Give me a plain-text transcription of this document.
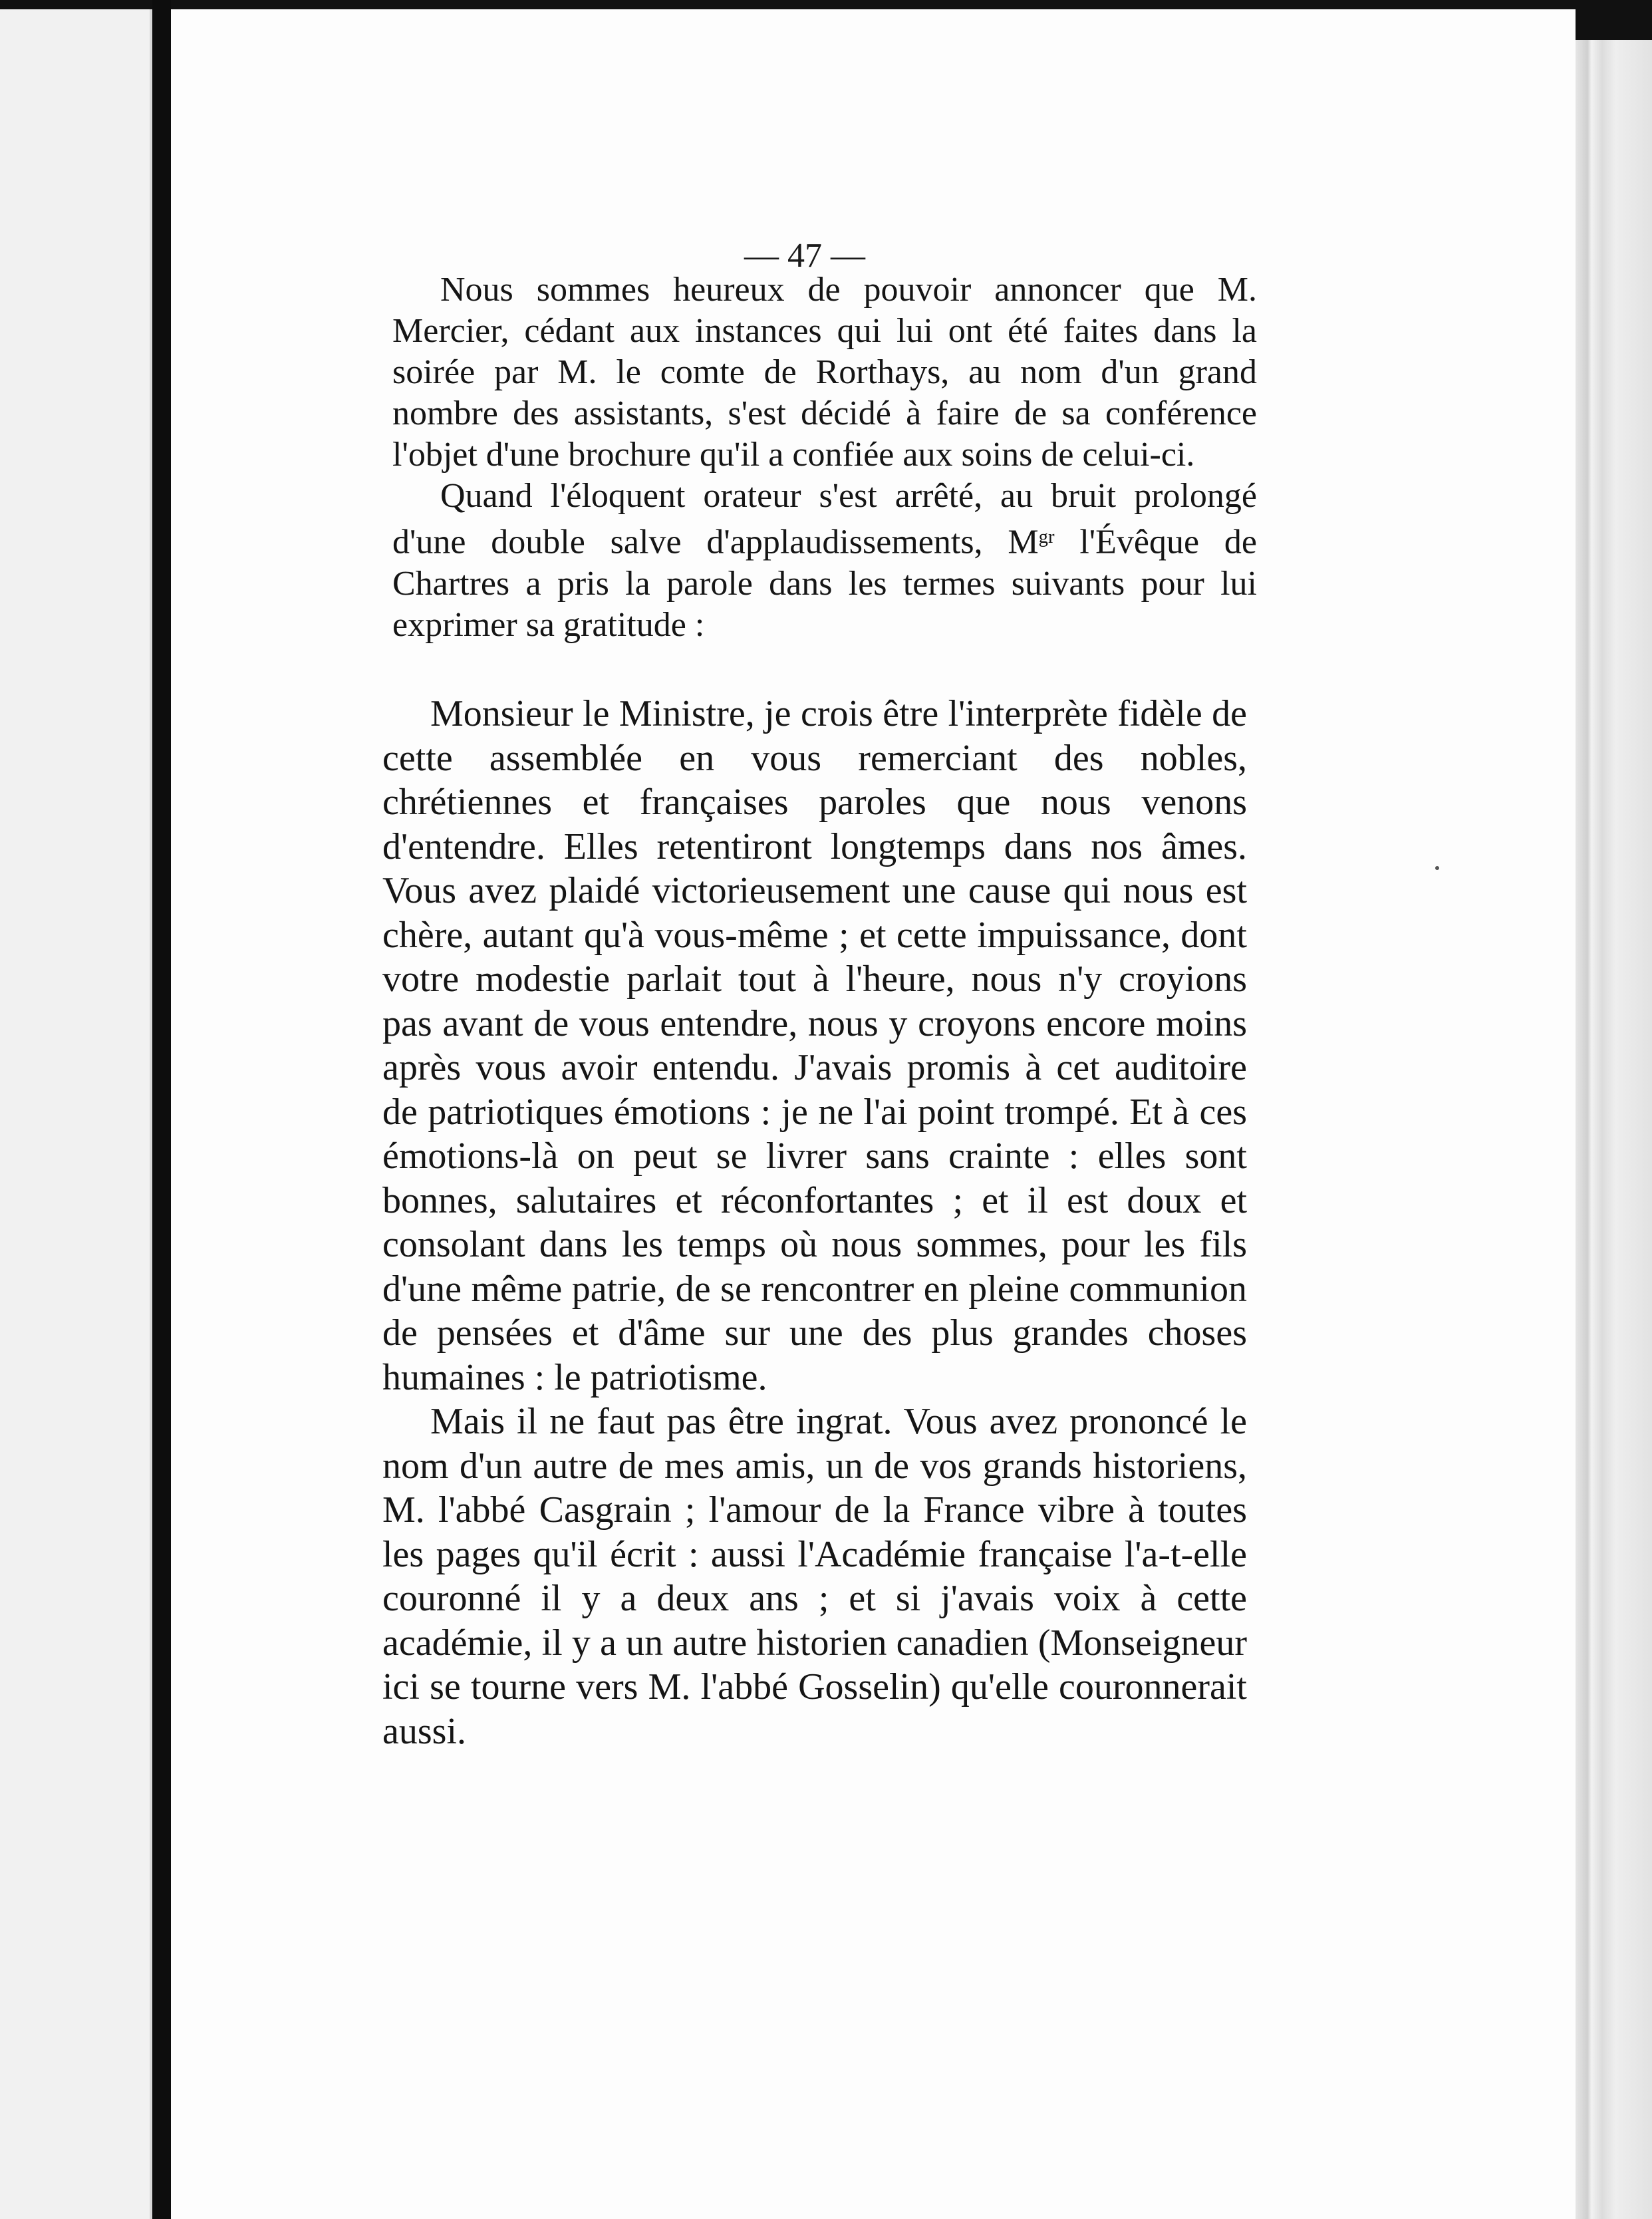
— 47 —

Nous sommes heureux de pouvoir annoncer que M. Mercier, cédant aux instances qui lui ont été faites dans la soirée par M. le comte de Rorthays, au nom d'un grand nombre des assistants, s'est décidé à faire de sa conférence l'objet d'une brochure qu'il a confiée aux soins de celui-ci.

Quand l'éloquent orateur s'est arrêté, au bruit prolongé d'une double salve d'applaudissements, $M^{gr}$ l'Évêque de Chartres a pris la parole dans les termes suivants pour lui exprimer sa gratitude :

Monsieur le Ministre, je crois être l'interprète fidèle de cette assemblée en vous remerciant des nobles, chrétiennes et françaises paroles que nous venons d'entendre. Elles retentiront longtemps dans nos âmes. Vous avez plaidé victorieusement une cause qui nous est chère, autant qu'à vous-même ; et cette impuissance, dont votre modestie parlait tout à l'heure, nous n'y croyions pas avant de vous entendre, nous y croyons encore moins après vous avoir entendu. J'avais promis à cet auditoire de patriotiques émotions : je ne l'ai point trompé. Et à ces émotions-là on peut se livrer sans crainte : elles sont bonnes, salutaires et réconfortantes ; et il est doux et consolant dans les temps où nous sommes, pour les fils d'une même patrie, de se rencontrer en pleine communion de pensées et d'âme sur une des plus grandes choses humaines : le patriotisme.

Mais il ne faut pas être ingrat. Vous avez prononcé le nom d'un autre de mes amis, un de vos grands historiens, M. l'abbé Casgrain ; l'amour de la France vibre à toutes les pages qu'il écrit : aussi l'Académie française l'a-t-elle couronné il y a deux ans ; et si j'avais voix à cette académie, il y a un autre historien canadien (Monseigneur ici se tourne vers M. l'abbé Gosselin) qu'elle couronnerait aussi.
